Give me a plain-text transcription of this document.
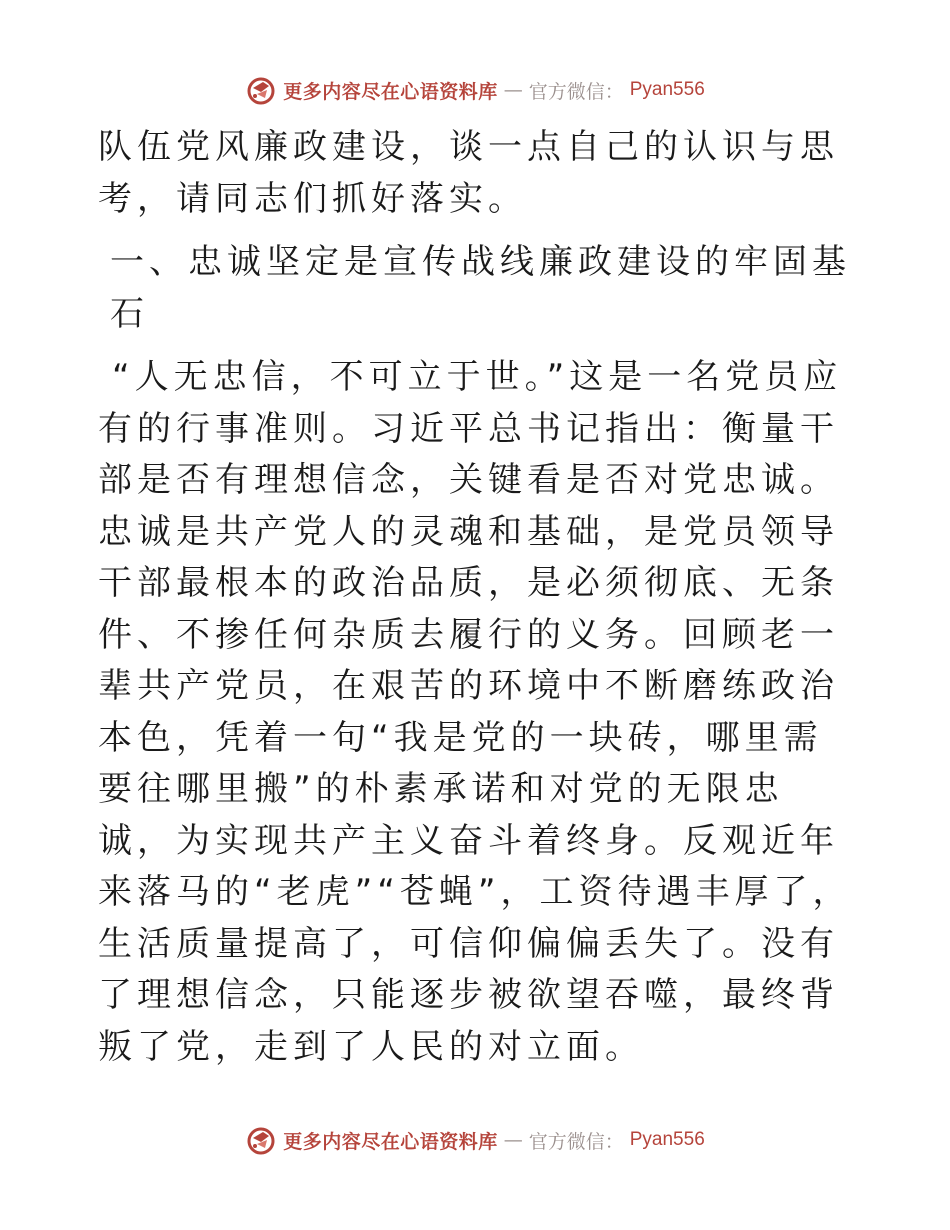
更多内容尽在心语资料库 — 官方微信： Pyan556

队伍党风廉政建设，谈一点自己的认识与思考，请同志们抓好落实。

一、忠诚坚定是宣传战线廉政建设的牢固基石

“人无忠信，不可立于世。”这是一名党员应有的行事准则。习近平总书记指出：衡量干部是否有理想信念，关键看是否对党忠诚。忠诚是共产党人的灵魂和基础，是党员领导干部最根本的政治品质，是必须彻底、无条件、不掺任何杂质去履行的义务。回顾老一辈共产党员，在艰苦的环境中不断磨练政治本色，凭着一句“我是党的一块砖，哪里需要往哪里搬”的朴素承诺和对党的无限忠诚，为实现共产主义奋斗着终身。反观近年来落马的“老虎”“苍蝇”，工资待遇丰厚了，生活质量提高了，可信仰偏偏丢失了。没有了理想信念，只能逐步被欲望吞噬，最终背叛了党，走到了人民的对立面。

更多内容尽在心语资料库 — 官方微信： Pyan556
